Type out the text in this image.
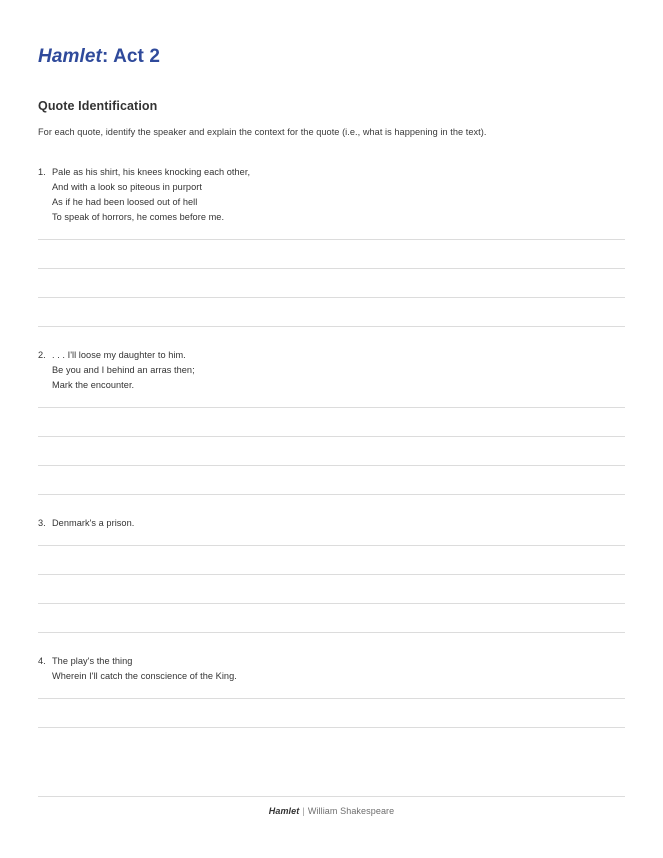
Hamlet: Act 2
Quote Identification

For each quote, identify the speaker and explain the context for the quote (i.e., what is happening in the text).

1. Pale as his shirt, his knees knocking each other,
And with a look so piteous in purport
As if he had been loosed out of hell
To speak of horrors, he comes before me.
2. . . . I'll loose my daughter to him.
Be you and I behind an arras then;
Mark the encounter.
3. Denmark's a prison.
4. The play's the thing
Wherein I'll catch the conscience of the King.
Hamlet | William Shakespeare
